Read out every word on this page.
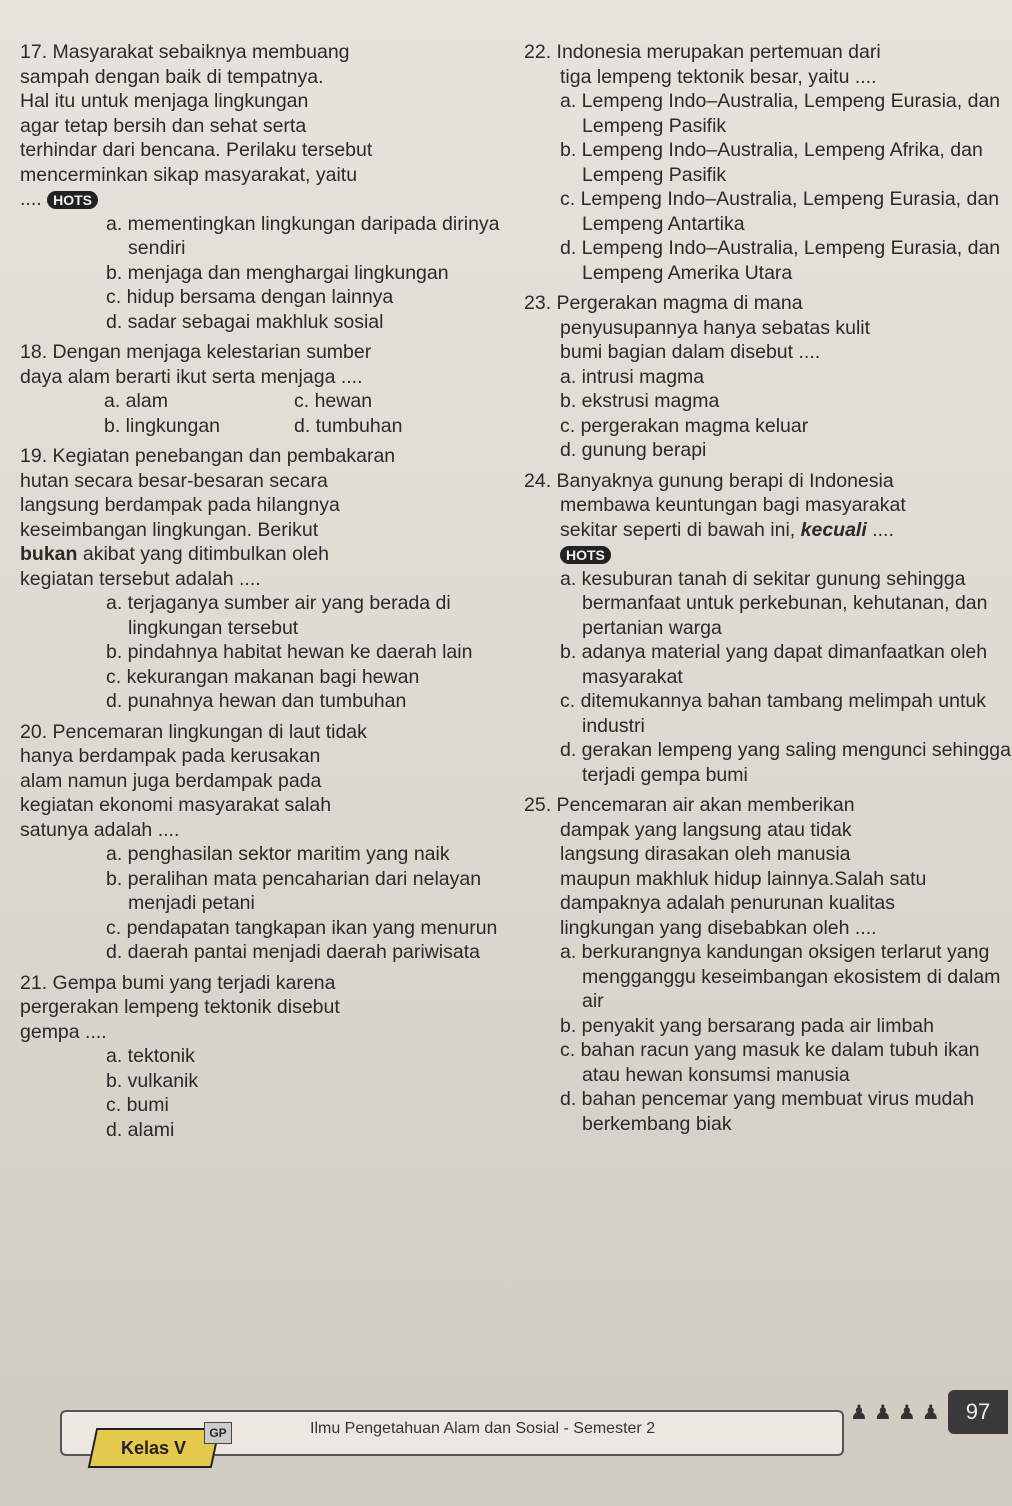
17. Masyarakat sebaiknya membuang
sampah dengan baik di tempatnya.
Hal itu untuk menjaga lingkungan
agar tetap bersih dan sehat serta
terhindar dari bencana. Perilaku tersebut
mencerminkan sikap masyarakat, yaitu
.... HOTS
a. mementingkan lingkungan daripada dirinya sendiri
b. menjaga dan menghargai lingkungan
c. hidup bersama dengan lainnya
d. sadar sebagai makhluk sosial
18. Dengan menjaga kelestarian sumber
daya alam berarti ikut serta menjaga ....
a. alam	c. hewan
b. lingkungan	d. tumbuhan
19. Kegiatan penebangan dan pembakaran
hutan secara besar-besaran secara
langsung berdampak pada hilangnya
keseimbangan lingkungan. Berikut
bukan akibat yang ditimbulkan oleh
kegiatan tersebut adalah ....
a. terjaganya sumber air yang berada di lingkungan tersebut
b. pindahnya habitat hewan ke daerah lain
c. kekurangan makanan bagi hewan
d. punahnya hewan dan tumbuhan
20. Pencemaran lingkungan di laut tidak
hanya berdampak pada kerusakan
alam namun juga berdampak pada
kegiatan ekonomi masyarakat salah
satunya adalah ....
a. penghasilan sektor maritim yang naik
b. peralihan mata pencaharian dari nelayan menjadi petani
c. pendapatan tangkapan ikan yang menurun
d. daerah pantai menjadi daerah pariwisata
21. Gempa bumi yang terjadi karena
pergerakan lempeng tektonik disebut
gempa ....
a. tektonik
b. vulkanik
c. bumi
d. alami
22. Indonesia merupakan pertemuan dari
tiga lempeng tektonik besar, yaitu ....
a. Lempeng Indo–Australia, Lempeng Eurasia, dan Lempeng Pasifik
b. Lempeng Indo–Australia, Lempeng Afrika, dan Lempeng Pasifik
c. Lempeng Indo–Australia, Lempeng Eurasia, dan Lempeng Antartika
d. Lempeng Indo–Australia, Lempeng Eurasia, dan Lempeng Amerika Utara
23. Pergerakan magma di mana
penyusupannya hanya sebatas kulit
bumi bagian dalam disebut ....
a. intrusi magma
b. ekstrusi magma
c. pergerakan magma keluar
d. gunung berapi
24. Banyaknya gunung berapi di Indonesia
membawa keuntungan bagi masyarakat
sekitar seperti di bawah ini, kecuali ....
HOTS
a. kesuburan tanah di sekitar gunung sehingga bermanfaat untuk perkebunan, kehutanan, dan pertanian warga
b. adanya material yang dapat dimanfaatkan oleh masyarakat
c. ditemukannya bahan tambang melimpah untuk industri
d. gerakan lempeng yang saling mengunci sehingga terjadi gempa bumi
25. Pencemaran air akan memberikan
dampak yang langsung atau tidak
langsung dirasakan oleh manusia
maupun makhluk hidup lainnya.Salah satu
dampaknya adalah penurunan kualitas
lingkungan yang disebabkan oleh ....
a. berkurangnya kandungan oksigen terlarut yang mengganggu keseimbangan ekosistem di dalam air
b. penyakit yang bersarang pada air limbah
c. bahan racun yang masuk ke dalam tubuh ikan atau hewan konsumsi manusia
d. bahan pencemar yang membuat virus mudah berkembang biak
Ilmu Pengetahuan Alam dan Sosial - Semester 2
♟♟♟♟ 97
Kelas V
GP
